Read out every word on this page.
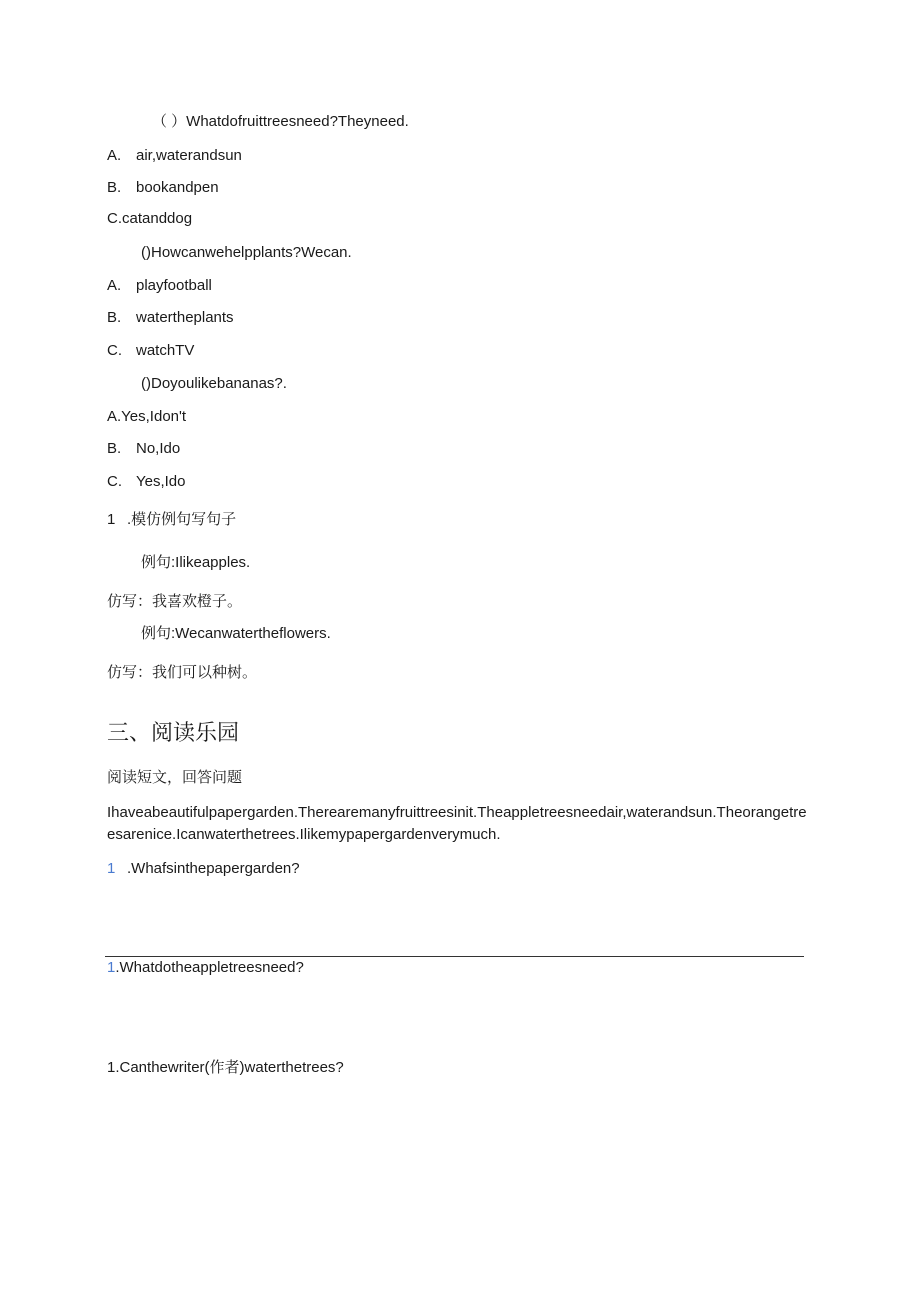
（ ）Whatdofruittreesneed?Theyneed.
A. air,waterandsun
B. bookandpen
C.catanddog
()Howcanwehelpplants?Wecan.
A. playfootball
B. watertheplants
C. watchTV
()Doyoulikebananas?.
A.Yes,Idon't
B. No,Ido
C. Yes,Ido
1 .模仿例句写句子
例句:Ilikeapples.
仿写：我喜欢橙子。
例句:Wecanwatertheflowers.
仿写：我们可以种树。
三、阅读乐园
阅读短文，回答问题
Ihaveabeautifulpapergarden.Therearemanyfruittreesinit.Theappletreesneedair,waterandsun.Theorangetreesarenice.Icanwaterthetrees.Ilikemypapergardenverymuch.
1 .Whafsinthepapergarden?
1.Whatdotheappletreesneed?
1.Canthewriter(作者)waterthetrees?
